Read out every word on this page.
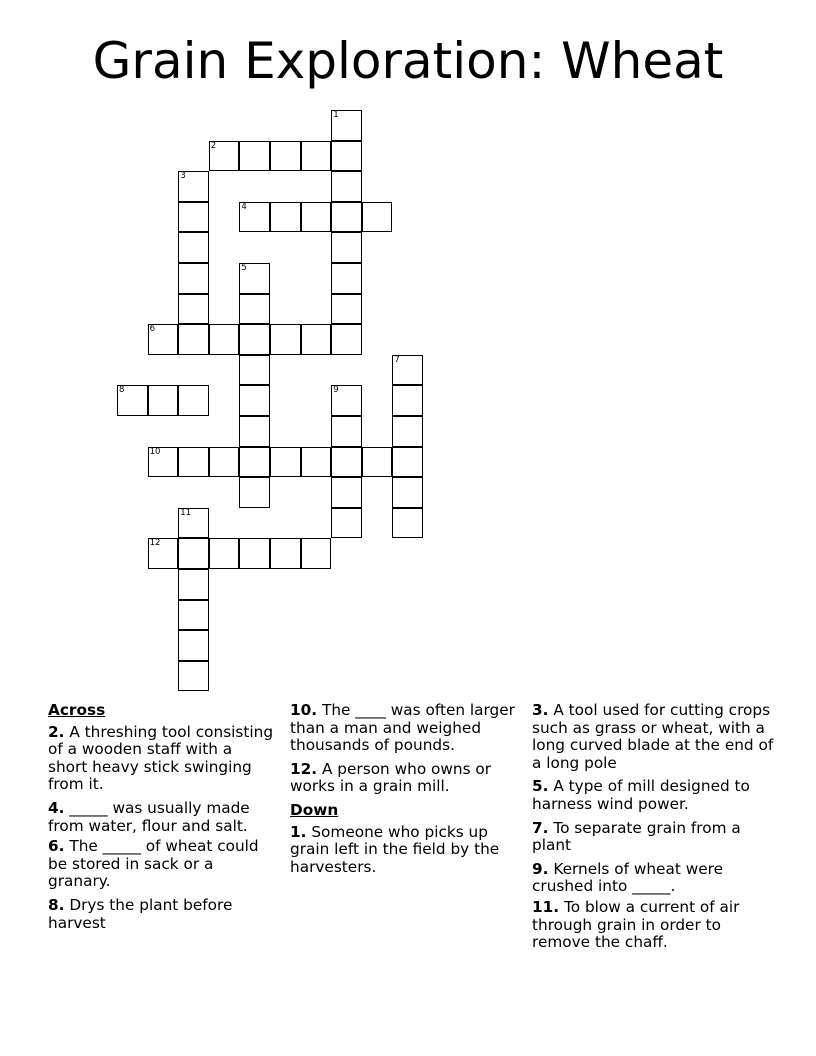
Grain Exploration: Wheat
1
2
3
4
5
6
7
8	9
10
11
12
Across
2. A threshing tool consisting of a wooden staff with a short heavy stick swinging from it.
4. _____ was usually made from water, flour and salt.
6. The _____ of wheat could be stored in sack or a granary.
8. Drys the plant before harvest
10. The ____ was often larger than a man and weighed thousands of pounds.
12. A person who owns or works in a grain mill.
Down
1. Someone who picks up grain left in the field by the harvesters.
3. A tool used for cutting crops such as grass or wheat, with a long curved blade at the end of a long pole
5. A type of mill designed to harness wind power.
7. To separate grain from a plant
9. Kernels of wheat were crushed into _____.
11. To blow a current of air through grain in order to remove the chaff.
